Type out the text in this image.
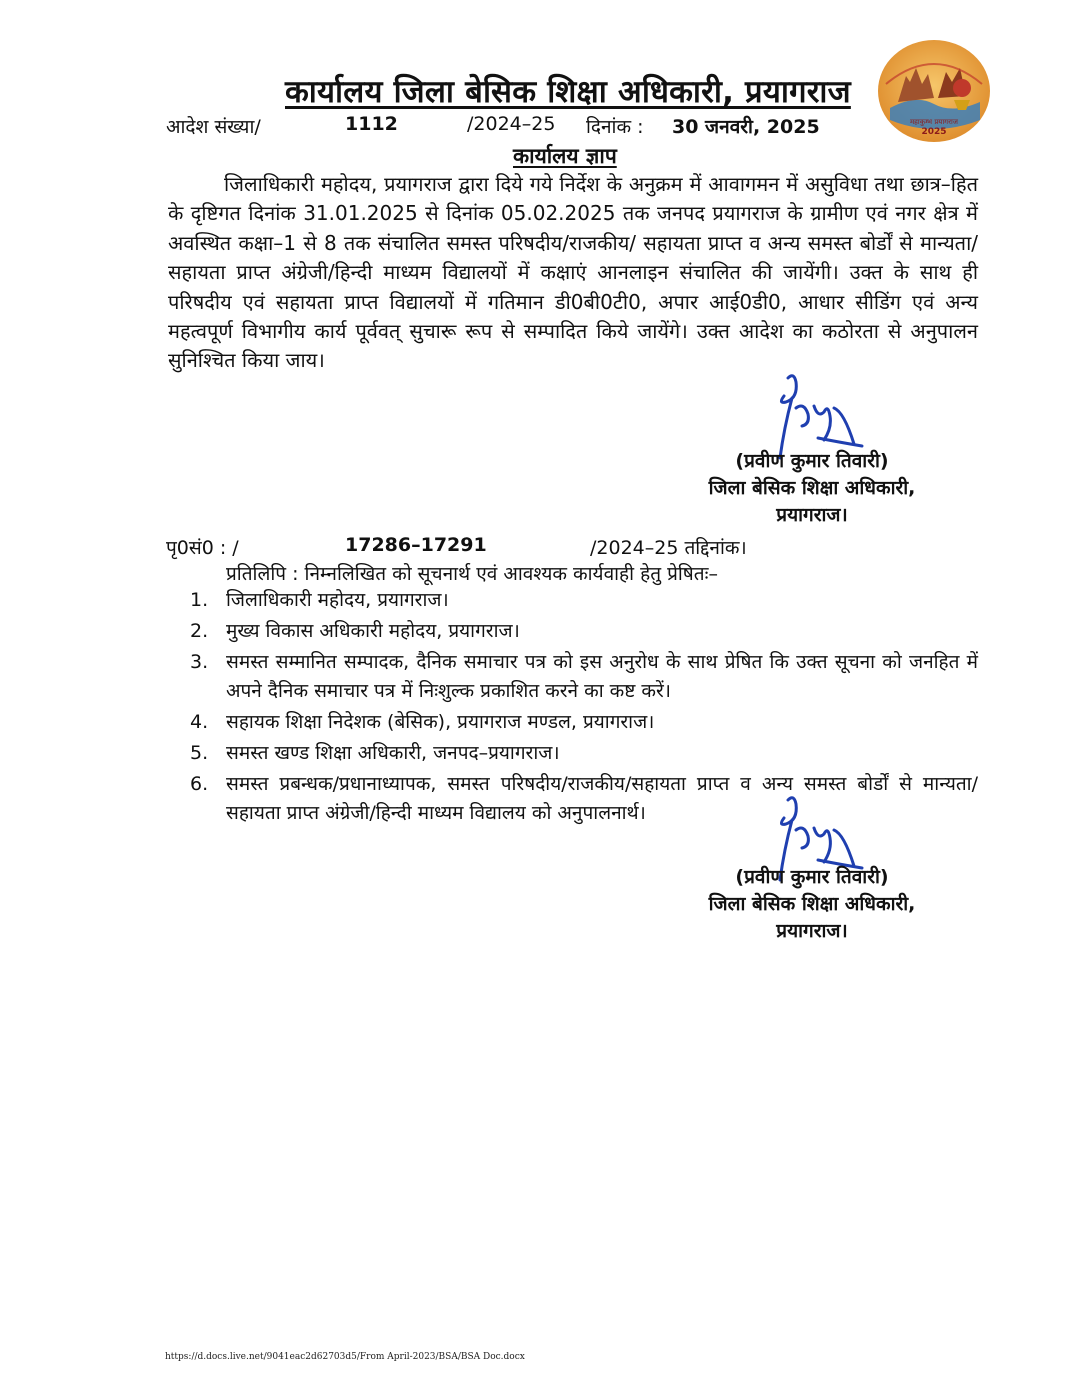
2025
महाकुम्भ प्रयागराज
कार्यालय जिला बेसिक शिक्षा अधिकारी, प्रयागराज
आदेश संख्या/	1112	/2024–25 दिनांक : 30 जनवरी, 2025
कार्यालय ज्ञाप

जिलाधिकारी महोदय, प्रयागराज द्वारा दिये गये निर्देश के अनुक्रम में आवागमन में असुविधा तथा छात्र–हित के दृष्टिगत दिनांक 31.01.2025 से दिनांक 05.02.2025 तक जनपद प्रयागराज के ग्रामीण एवं नगर क्षेत्र में अवस्थित कक्षा–1 से 8 तक संचालित समस्त परिषदीय/राजकीय/ सहायता प्राप्त व अन्य समस्त बोर्डों से मान्यता/सहायता प्राप्त अंग्रेजी/हिन्दी माध्यम विद्यालयों में कक्षाएं आनलाइन संचालित की जायेंगी। उक्त के साथ ही परिषदीय एवं सहायता प्राप्त विद्यालयों में गतिमान डी0बी0टी0, अपार आई0डी0, आधार सीडिंग एवं अन्य महत्वपूर्ण विभागीय कार्य पूर्ववत् सुचारू रूप से सम्पादित किये जायेंगे। उक्त आदेश का कठोरता से अनुपालन सुनिश्चित किया जाय।

(प्रवीण कुमार तिवारी)
जिला बेसिक शिक्षा अधिकारी,
प्रयागराज।
पृ0सं0 : /	17286–17291	/2024–25 तद्दिनांक।
प्रतिलिपि : निम्नलिखित को सूचनार्थ एवं आवश्यक कार्यवाही हेतु प्रेषितः–
1. जिलाधिकारी महोदय, प्रयागराज।
2. मुख्य विकास अधिकारी महोदय, प्रयागराज।
3. समस्त सम्मानित सम्पादक, दैनिक समाचार पत्र को इस अनुरोध के साथ प्रेषित कि उक्त सूचना को जनहित में अपने दैनिक समाचार पत्र में निःशुल्क प्रकाशित करने का कष्ट करें।
4. सहायक शिक्षा निदेशक (बेसिक), प्रयागराज मण्डल, प्रयागराज।
5. समस्त खण्ड शिक्षा अधिकारी, जनपद–प्रयागराज।
6. समस्त प्रबन्धक/प्रधानाध्यापक, समस्त परिषदीय/राजकीय/सहायता प्राप्त व अन्य समस्त बोर्डों से मान्यता/सहायता प्राप्त अंग्रेजी/हिन्दी माध्यम विद्यालय को अनुपालनार्थ।
(प्रवीण कुमार तिवारी)
जिला बेसिक शिक्षा अधिकारी,
प्रयागराज।
https://d.docs.live.net/9041eac2d62703d5/From April-2023/BSA/BSA Doc.docx
